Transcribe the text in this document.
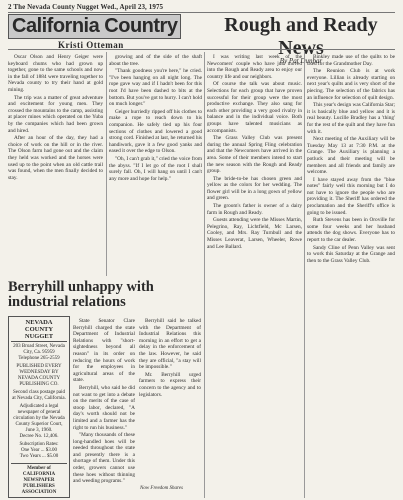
2 The Nevada County Nugget Wed., April 23, 1975
California Country
Kristi Otteman
Rough and Ready News
By Pat Dunbar

Oscar Olson and Henry Geiger were keyboard chums who had grown up together, gone to the same schools and now in the fall of 1884 were traveling together to Nevada county to try their hand at gold mining.

The trip was a matter of great adventure and excitement for young men. They crossed the mountains to the camp, assisting at placer mines which operated on the Yuba by the companies which had been grown and hired.

After an hour of the day, they had a choice of work on the hill or in the river. The Olson farm had gone out and the claim they held was worked and the horses were used up to the point when an old cattle trail was found, when the men finally decided to stay.

growing and of the side of the shaft about the tree.

"Thank goodness you're here," he cried. "I've been hanging on all night long. The rope gave way and if I hadn't been for this root I'd have been dashed to bits at the bottom. But you've got to hurry. I can't hold on much longer."

Geiger hurriedly ripped off his clothes to make a rope to reach down to his companion. He safely tied up his four sections of clothes and lowered a good strong cord. Finished at last, he returned his handiwork, gave it a few good yanks and eased it over the edge to Olson.

"Oh, I can't grab it," cried the voice from the abyss. "If I let go of the root I shall surely fall. Oh, I will hang on until I can't any more and hope for help."

I was writing last week of the Newcomers' couple who have just moved into the Rough and Ready area to enjoy our country life and our neighbors.

Of course the talk was about music. Selections for each group that have proven successful for their group were the most productive exchange. They also sang for each other providing a very good rivalry in balance and in the individual voice. Both groups have talented musicians as accompanists.

The Grass Valley Club was present during the annual Spring Fling celebration and that the Newcomers have arrived in the area. Some of their members intend to start the new season with the Rough and Ready group.

The bride-to-be has chosen green and yellow as the colors for her wedding. The flower girl will be in a long gown of yellow and green.

The groom's father is owner of a dairy farm in Rough and Ready.

Guests attending were the Misses Martin, Pelegrino, Ray, Lichtfield, Mc Larsen, Cooley, and Mrs. Ray Turnbull and the Misses Leaverat, Larsen, Wheeler, Rowe and Lee Ballard.

Binkley made use of the quilts to be used for the Grandmother Day.

The Reunion Club is at work everyone. Lillian is already starting on next year's quilts and is very short of the piecing. The selection of the fabrics has an influence for selection of quilt design.

This year's design was California Star; it is basically blue and yellow and it is real beauty. Lucille Bradley has a 'thing' for the rest of the quilt and they have fun with it.

Next meeting of the Auxiliary will be Tuesday May 13 at 7:30 P.M. at the Grange. The Auxiliary is planning a potluck and their meeting will be members and all friends and family are welcome.

I have stayed away from the "blue notes" fairly well this morning but I do not have to ignore the people who are providing it. The Sheriff has ordered the proclamation and the Sheriff's office is going to be issued.

Ruth Stevens has been in Oroville for some four weeks and her husband attends the dog shows. Everyone has to report to the car dealer.

Sandy Cline of Penn Valley was sent to work this Saturday at the Grange and then to the Grass Valley Club.

Berryhill unhappy with industrial relations
NEVADA COUNTY NUGGET
203 Broad Street, Nevada City, Ca. 95959
Telephone 265-2559
PUBLISHED EVERY WEDNESDAY BY NEVADA COUNTY PUBLISHING CO.
Second class postage paid at Nevada City, California.
Adjudicated a legal newspaper of general circulation by the Nevada County Superior Court, June 3, 1960.
Decree No. 12,406.
Subscription Rates:
One Year ... $3.00
Two Years ... $5.00
Member of CALIFORNIA NEWSPAPER PUBLISHERS ASSOCIATION

State Senator Clare Berryhill charged the state Department of Industrial Relations with "short-sightedness beyond all reason" in its order on reducing the hours of work for the employees in agricultural areas of the state.

Berryhill, who said he did not want to get into a debate on the merits of the case of stoop labor, declared, "A day's worth should not be limited and a farmer has the right to run his business."

"Many thousands of these long-handled hoes will be needed throughout the state and presently there is a shortage of them. Under this order, growers cannot use these hoes without thinning and weeding programs."

Berryhill said he talked with the Department of Industrial Relations this morning in an effort to get a delay in the enforcement of the law. However, he said they are official, "a stay will be impossible."

Mr. Berryhill urged farmers to express their concern to the agency and to legislators.

Now Freedom Shares
